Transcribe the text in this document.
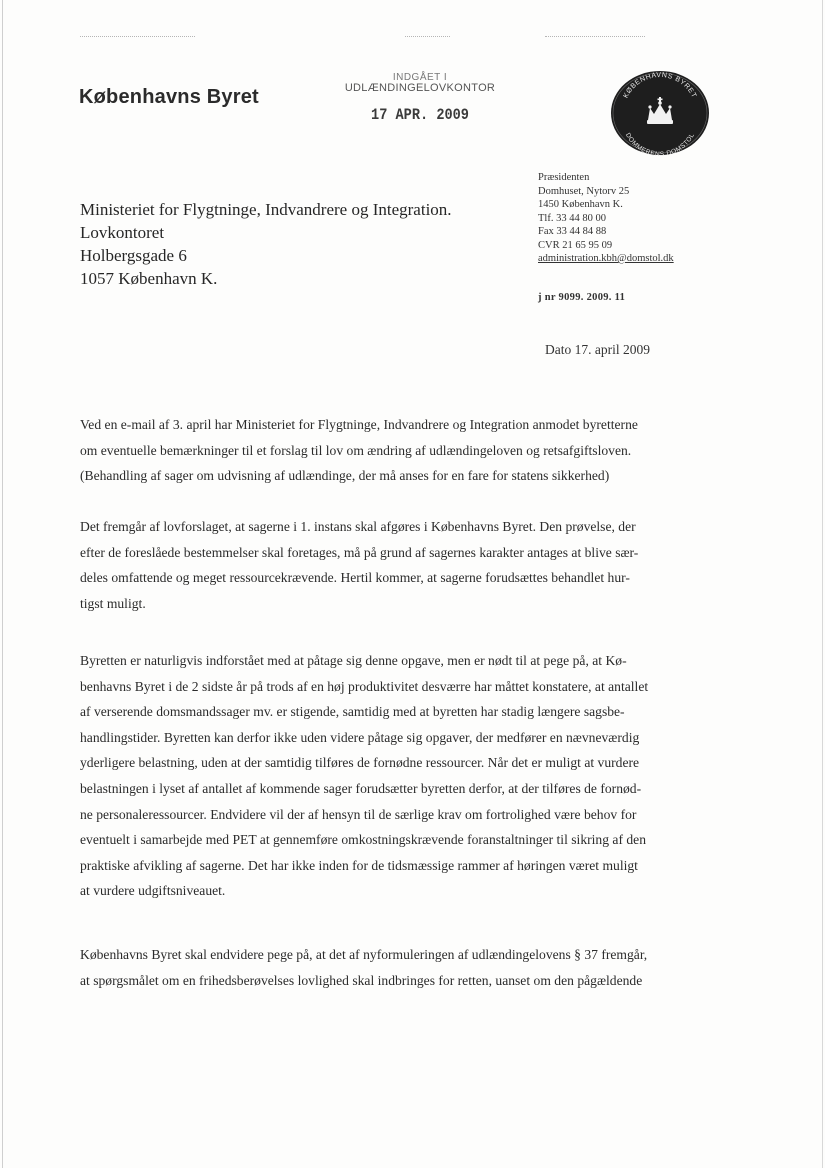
Københavns Byret
INDGÅET I
UDLÆNDINGELOVKONTOR
17 APR. 2009
KØBENHAVNS BYRET
DOMMERENS DOMSTOL
Ministeriet for Flygtninge, Indvandrere og Integration.
Lovkontoret
Holbergsgade 6
1057 København K.
Præsidenten
Domhuset, Nytorv 25
1450 København K.
Tlf. 33 44 80 00
Fax 33 44 84 88
CVR 21 65 95 09
administration.kbh@domstol.dk
j nr 9099. 2009. 11
Dato 17. april 2009
Ved en e-mail af 3. april har Ministeriet for Flygtninge, Indvandrere og Integration anmodet byretterne
om eventuelle bemærkninger til et forslag til lov om ændring af udlændingeloven og retsafgiftsloven.
(Behandling af sager om udvisning af udlændinge, der må anses for en fare for statens sikkerhed)
Det fremgår af lovforslaget, at sagerne i 1. instans skal afgøres i Københavns Byret. Den prøvelse, der
efter de foreslåede bestemmelser skal foretages, må på grund af sagernes karakter antages at blive sær-
deles omfattende og meget ressourcekrævende. Hertil kommer, at sagerne forudsættes behandlet hur-
tigst muligt.
Byretten er naturligvis indforstået med at påtage sig denne opgave, men er nødt til at pege på, at Kø-
benhavns Byret i de 2 sidste år på trods af en høj produktivitet desværre har måttet konstatere, at antallet
af verserende domsmandssager mv. er stigende, samtidig med at byretten har stadig længere sagsbe-
handlingstider. Byretten kan derfor ikke uden videre påtage sig opgaver, der medfører en nævneværdig
yderligere belastning, uden at der samtidig tilføres de fornødne ressourcer. Når det er muligt at vurdere
belastningen i lyset af antallet af kommende sager forudsætter byretten derfor, at der tilføres de fornød-
ne personaleressourcer. Endvidere vil der af hensyn til de særlige krav om fortrolighed være behov for
eventuelt i samarbejde med PET at gennemføre omkostningskrævende foranstaltninger til sikring af den
praktiske afvikling af sagerne. Det har ikke inden for de tidsmæssige rammer af høringen været muligt
at vurdere udgiftsniveauet.
Københavns Byret skal endvidere pege på, at det af nyformuleringen af udlændingelovens § 37 fremgår,
at spørgsmålet om en frihedsberøvelses lovlighed skal indbringes for retten, uanset om den pågældende
